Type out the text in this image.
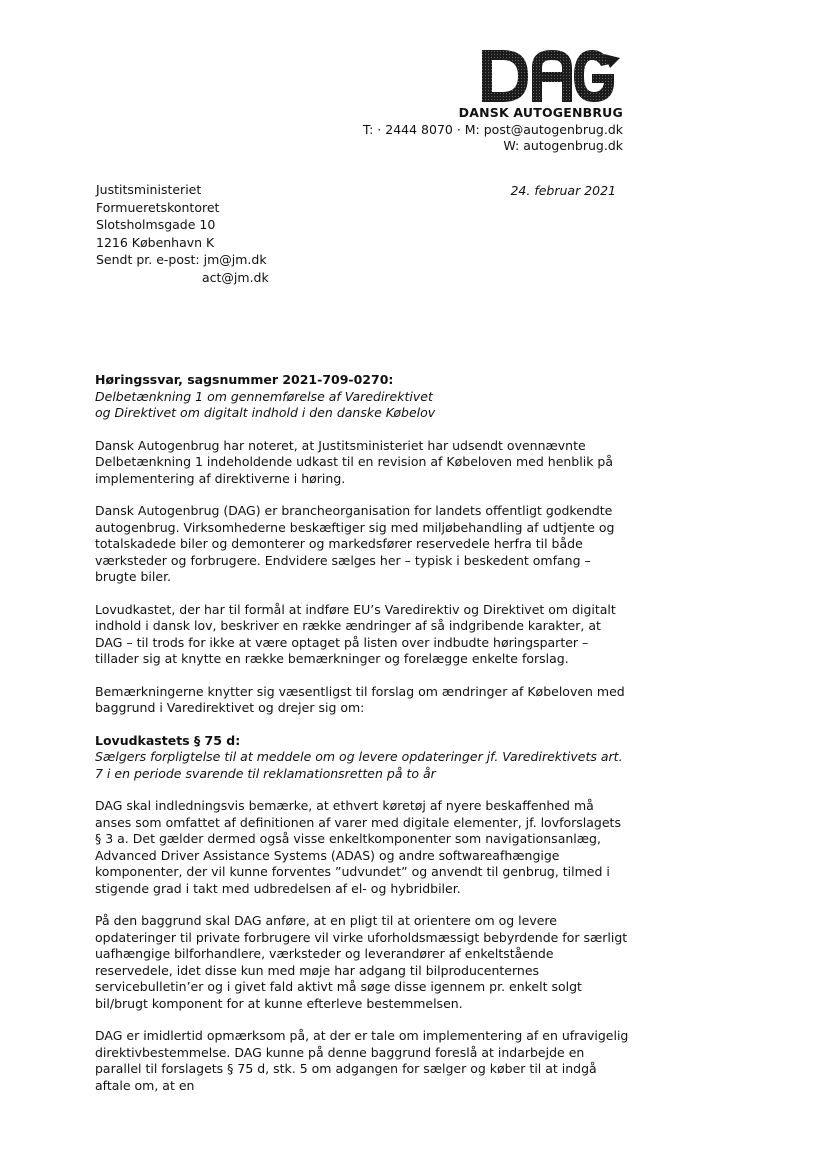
DANSK AUTOGENBRUG
T: · 2444 8070 · M: post@autogenbrug.dk
W: autogenbrug.dk
24. februar 2021
Justitsministeriet
Formueretskontoret
Slotsholmsgade 10
1216 København K
Sendt pr. e-post: jm@jm.dk
act@jm.dk
Høringssvar, sagsnummer 2021-709-0270:
Delbetænkning 1 om gennemførelse af Varedirektivet
og Direktivet om digitalt indhold i den danske Købelov

Dansk Autogenbrug har noteret, at Justitsministeriet har udsendt ovennævnte Delbetænkning 1 indeholdende udkast til en revision af Købeloven med henblik på implementering af direktiverne i høring.

Dansk Autogenbrug (DAG) er brancheorganisation for landets offentligt godkendte autogenbrug. Virksomhederne beskæftiger sig med miljøbehandling af udtjente og totalskadede biler og demonterer og markedsfører reservedele herfra til både værksteder og forbrugere. Endvidere sælges her – typisk i beskedent omfang – brugte biler.

Lovudkastet, der har til formål at indføre EU’s Varedirektiv og Direktivet om digitalt indhold i dansk lov, beskriver en række ændringer af så indgribende karakter, at DAG – til trods for ikke at være optaget på listen over indbudte høringsparter – tillader sig at knytte en række bemærkninger og forelægge enkelte forslag.

Bemærkningerne knytter sig væsentligst til forslag om ændringer af Købeloven med baggrund i Varedirektivet og drejer sig om:

Lovudkastets § 75 d:
Sælgers forpligtelse til at meddele om og levere opdateringer jf. Varedirektivets art. 7 i en periode svarende til reklamationsretten på to år

DAG skal indledningsvis bemærke, at ethvert køretøj af nyere beskaffenhed må anses som omfattet af definitionen af varer med digitale elementer, jf. lovforslagets § 3 a. Det gælder dermed også visse enkeltkomponenter som navigationsanlæg, Advanced Driver Assistance Systems (ADAS) og andre softwareafhængige komponenter, der vil kunne forventes ”udvundet” og anvendt til genbrug, tilmed i stigende grad i takt med udbredelsen af el- og hybridbiler.

På den baggrund skal DAG anføre, at en pligt til at orientere om og levere opdateringer til private forbrugere vil virke uforholdsmæssigt bebyrdende for særligt uafhængige bilforhandlere, værksteder og leverandører af enkeltstående reservedele, idet disse kun med møje har adgang til bilproducenternes servicebulletin’er og i givet fald aktivt må søge disse igennem pr. enkelt solgt bil/brugt komponent for at kunne efterleve bestemmelsen.

DAG er imidlertid opmærksom på, at der er tale om implementering af en ufravigelig direktivbestemmelse. DAG kunne på denne baggrund foreslå at indarbejde en parallel til forslagets § 75 d, stk. 5 om adgangen for sælger og køber til at indgå aftale om, at en
